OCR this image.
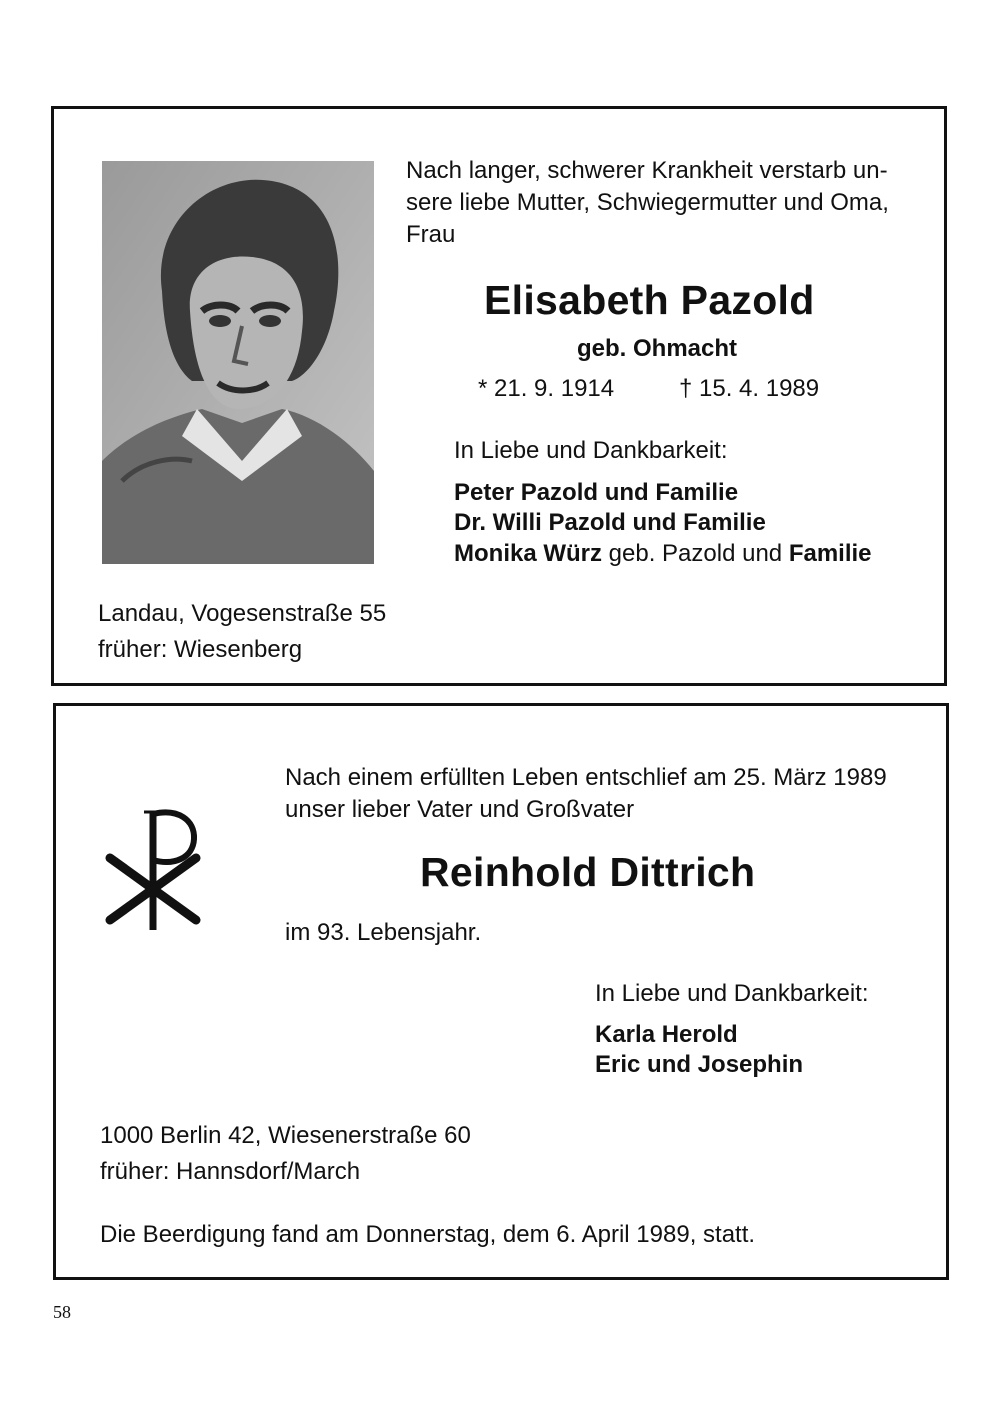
Nach langer, schwerer Krankheit verstarb un-
sere liebe Mutter, Schwiegermutter und Oma,
Frau
Elisabeth Pazold
geb. Ohmacht
* 21. 9. 1914	† 15. 4. 1989
In Liebe und Dankbarkeit:
Peter Pazold und Familie
Dr. Willi Pazold und Familie
Monika Würz geb. Pazold und Familie
Landau, Vogesenstraße 55
früher: Wiesenberg
Nach einem erfüllten Leben entschlief am 25. März 1989
unser lieber Vater und Großvater
Reinhold Dittrich
im 93. Lebensjahr.
In Liebe und Dankbarkeit:
Karla Herold
Eric und Josephin
1000 Berlin 42, Wiesenerstraße 60
früher: Hannsdorf/March
Die Beerdigung fand am Donnerstag, dem 6. April 1989, statt.
58
